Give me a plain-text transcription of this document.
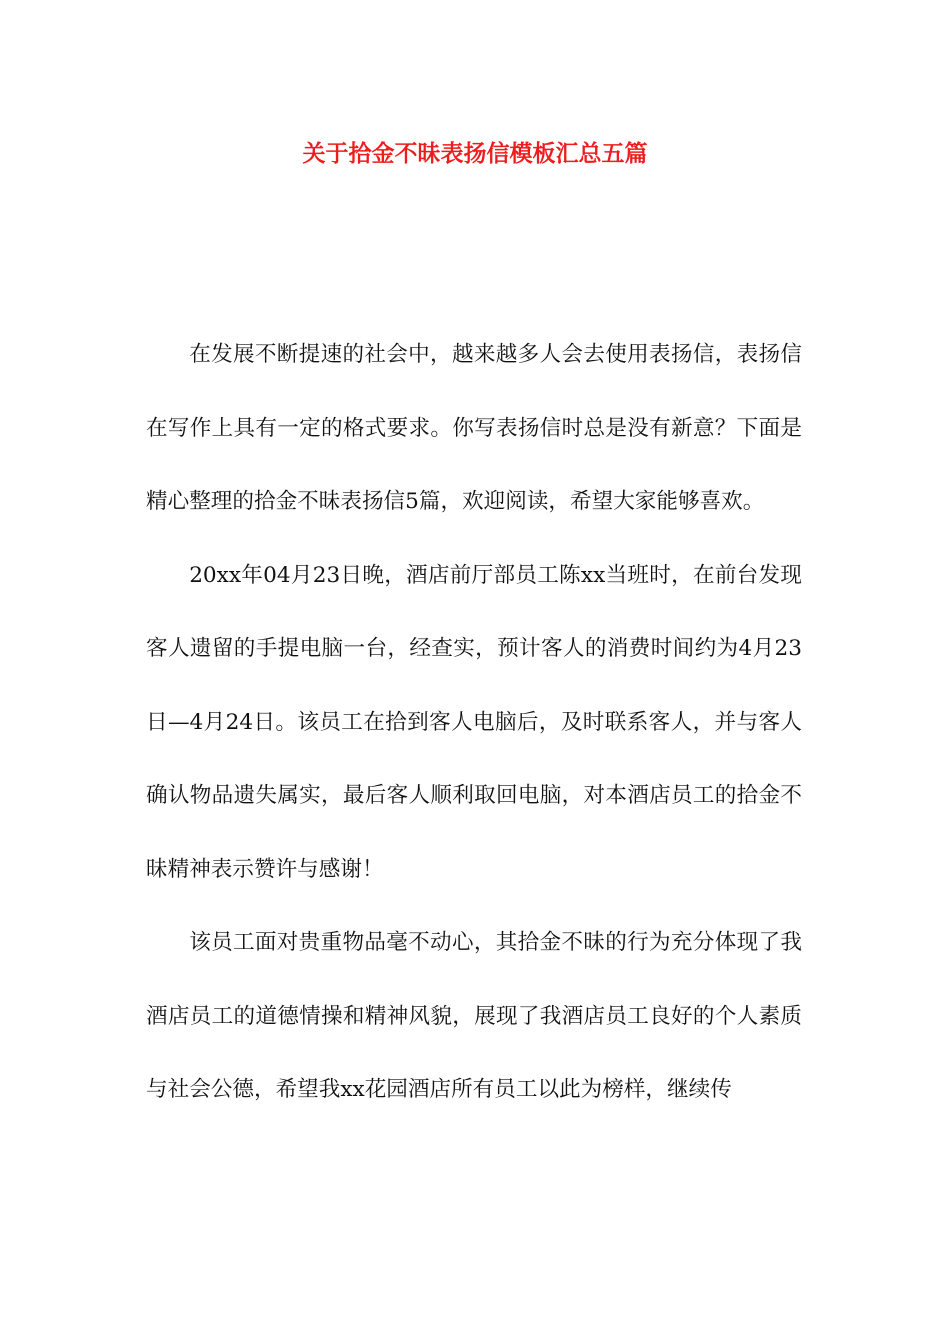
关于拾金不昧表扬信模板汇总五篇

在发展不断提速的社会中，越来越多人会去使用表扬信，表扬信在写作上具有一定的格式要求。你写表扬信时总是没有新意？下面是精心整理的拾金不昧表扬信5篇，欢迎阅读，希望大家能够喜欢。

20xx年04月23日晚，酒店前厅部员工陈xx当班时，在前台发现客人遗留的手提电脑一台，经查实，预计客人的消费时间约为4月23日—4月24日。该员工在拾到客人电脑后，及时联系客人，并与客人确认物品遗失属实，最后客人顺利取回电脑，对本酒店员工的拾金不昧精神表示赞许与感谢！

该员工面对贵重物品毫不动心，其拾金不昧的行为充分体现了我酒店员工的道德情操和精神风貌，展现了我酒店员工良好的个人素质与社会公德，希望我xx花园酒店所有员工以此为榜样，继续传
